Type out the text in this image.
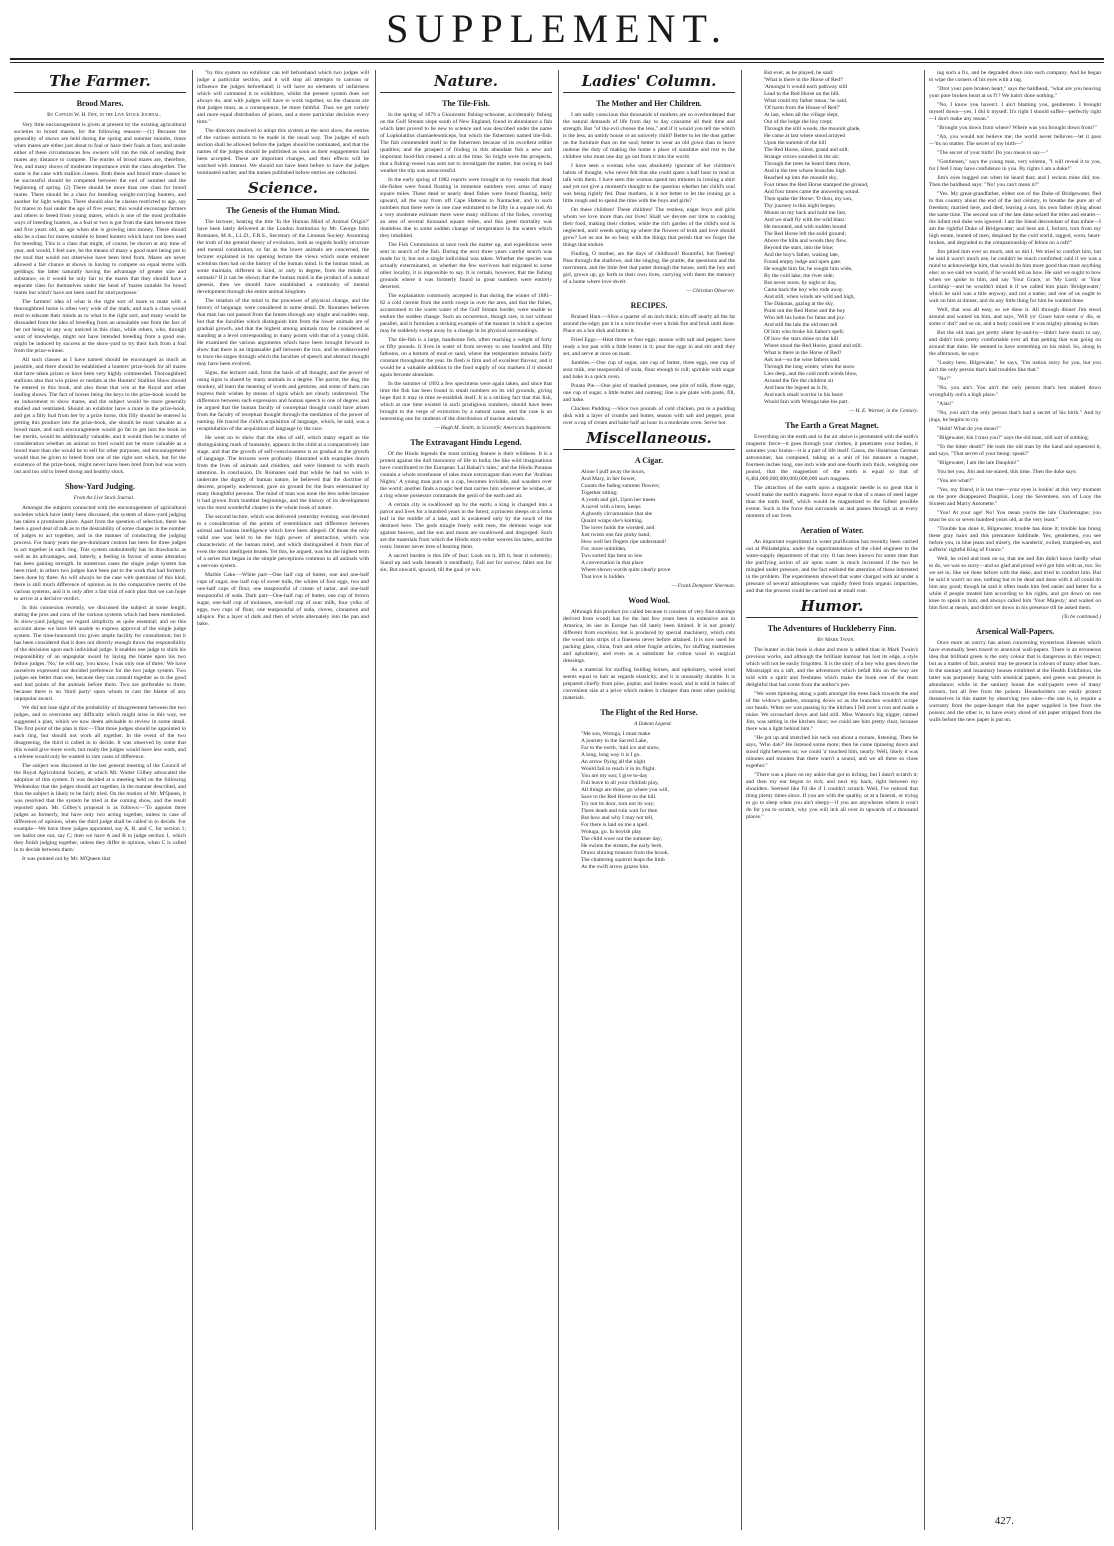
SUPPLEMENT.
The Farmer.
Brood Mares.

By Captain W. H. Fife, in the Live Stock Journal.

Very little encouragement is given at present by the existing agricultural societies to brood mares, for the following reasons:—(1) Because the generality of shows are held during the spring and summer months, times when mares are either just about to foal or have their foals at foot, and under either of these circumstances few owners will run the risk of sending their mares any distance to compete. The entries of brood mares are, therefore, few, and many shows of moderate importance omit the class altogether. The same is the case with stallion classes. Both these and brood mare classes to be successful should be competed between the end of summer and the beginning of spring. (2) There should be more than one class for brood mares. There should be a class for breeding weight-carrying hunters, and another for light weights. There should also be classes restricted to age, say for mares to foal under the age of five years; this would encourage farmers and others to breed from young mares, which is one of the most profitable ways of breeding hunters, as a foal or two is got from the dam between three and five years old, an age when she is growing into money. There should also be a class for mares suitable to breed hunters which have not been used for breeding. This is a class that might, of course, be shown at any time of year, and would, I feel sure, be the means of many a good mare being put to the stud that would not otherwise have been bred from. Mares are never allowed a fair chance at shows in having to compete on equal terms with geldings; the latter naturally having the advantage of greater size and substance, so it would be only fair to the mares that they should have a separate class for themselves under the head of 'mares suitable for brood mares but which' have not been used for stud purposes.'

The farmers' idea of what is the right sort of mare to mate with a thoroughbred horse is often very wide of the mark, and such a class would tend to educate their minds as to what is the right sort, and many would be dissuaded from the idea of breeding from an unsuitable one from the fact of her not being in any way noticed in this class, while others, who, through want of knowledge, might not have intended breeding from a good one, might be induced by success at the show-yard to try their luck from a foal from the prize-winner.

All such classes as I have named should be encouraged as much as possible, and there should be established a hunters' prize-book for all mares that have taken prizes or have been very highly commended. Thoroughbred stallions also that win prizes or medals at the Hunters' Stallion Show should be entered in this book, and also those that win at the Royal and other leading shows. The fact of horses being the keys to the prize-book would be an inducement to show mares, and the subject would be more generally studied and ventilated. Should an exhibitor have a mare in the prize-book, and get a filly foal from her by a prize horse, this filly should be entered in getting this produce into the prize-book, she should be most valuable as a brood mare, and such encouragement would go far to get into the book on her merits, would be additionally valuable, and it would then be a matter of consideration whether an animal so bred would not be more valuable as a brood mare than she would be to sell for other purposes, and encouragement would thus be given to breed from one of the right sort which, but for the existence of the prize-book, might never have been bred from but was worn out and too old to breed strong and healthy stock.

Show-Yard Judging.

From the Live Stock Journal.

Amongst the subjects connected with the encouragement of agricultural societies which have lately been discussed, the system of show-yard judging has taken a prominent place. Apart from the question of selection, there has been a good deal of talk as to the desirability of some changes in the number of judges to act together, and in the manner of conducting the judging process. For many years the pre-dominant custom has been for three judges to act together in each ring. This system undoubtedly has its drawbacks as well as its advantages, and, latterly, a feeling in favour of some alteration has been gaining strength. In numerous cases the single judge system has been tried; in others two judges have been put to the work that had formerly been done by three. As will always be the case with questions of this kind, there is still much difference of opinion as to the comparative merits of the various systems, and it is only after a fair trial of each plan that we can hope to arrive at a decisive verdict.

In this connexion recently, we discussed the subject at some length, stating the pros and cons of the various systems which had been mentioned. In show-yard judging we regard simplicity as quite essential; and on this account alone we have felt unable to express approval of the single judge system. The time-honoured trio gives ample facility for consultation; but it has been considered that it does not directly enough throw the responsibility of the decisions upon each individual judge. It enables one judge to shirk his responsibility of an unpopular award by laying the blame upon his two fellow judges. 'No,' he will say, 'you know, I was only one of three.' We have ourselves expressed our decided preference for the two judge system. Two judges are better than one, because they can consult together as to the good and bad points of the animals before them. Two are preferable to three, because there is no 'third party' upon whom to cast the blame of any unpopular award.

We did not lose sight of the probability of disagreement between the two judges, and to overcome any difficulty which might arise in this way, we suggested a plan, which we now deem advisable to review in some detail. The first point of the plan is this:—That three judges should be appointed in each ring, but should not work all together. In the event of the two disagreeing, the third is called in to decide. It was observed by some that this would give more work; but really the judges would have less work, and a referee would only be wanted in rare cases of difference.

The subject was discussed at the last general meeting of the Council of the Royal Agricultural Society, at which Mr. Walter Gilbey advocated the adoption of this system. It was decided at a meeting held on the following Wednesday that the judges should act together, in the manner described, and thus the subject is likely to be fairly tried. On the motion of Mr. M'Queen, it was resolved that the system be tried at the coming show, and the result reported upon. Mr. Gilbey's proposal is as follows:—'To appoint three judges as formerly, but have only two acting together, unless in case of difference of opinion, when the third judge shall be called in to decide. For example—We have three judges appointed, say A, B, and C, for section 1; we ballot one out, say C; then we have A and B to judge section 1, which they finish judging together, unless they differ in opinion, when C is called in to decide between them.'

It was pointed out by Mr. M'Queen that

"by this system no exhibitor can tell beforehand which two judges will judge a particular section, and it will stop all attempts to canvass or influence the judges beforehand; it will have no elements of unfairness which will commend it to exhibitors, whilst the present system does not always do, and with judges will have to work together, so the chances are that judges must, as a consequence, be more faithful. Thus we get variety and more equal distribution of prizes, and a more particular decision every time."

The directors resolved to adopt this system at the next show, the entries of the various sections to be made in the usual way. The judges of each section shall be allowed before the judges should be nominated, and that the names of the judges should be published as soon as their engagements had been accepted. These are important changes, and their effects will be watched with interest. We should not have been before to have the judges nominated earlier, and the names published before entries are collected.

Science.
The Genesis of the Human Mind.

The lecturer, bearing the title 'In the Human Mind of Animal Origin?' have been lately delivered at the London Institution by Mr. George John Romanes, M.A., LL.D., F.R.S., Secretary of the Linnean Society. Assuming the truth of the general theory of evolution, both as regards bodily structure and mental constitution, so far as the lower animals are concerned, the lecturer explained in his opening lecture the views which some eminent scientists then had on the history of the human mind. Is the human mind, as some maintain, different in kind, or only in degree, from the minds of animals? If it can be shown that the human mind is the product of a natural genesis, then we should have established a continuity of mental development through the entire animal kingdom.

The relation of the mind to the processes of physical change, and the history of language, were considered in some detail. Dr. Romanes believes that man has not passed from the brutes through any single and sudden step, but that the faculties which distinguish him from the lower animals are of gradual growth, and that the highest among animals may be considered as standing at a level corresponding in many points with that of a young child. He examined the various arguments which have been brought forward to show that there is an impassable gulf between the two, and he endeavoured to trace the stages through which the faculties of speech and abstract thought may have been evolved.

Signs, the lecturer said, form the basis of all thought, and the power of using signs is shared by many animals in a degree. The parrot, the dog, the monkey, all learn the meaning of words and gestures, and some of them can express their wishes by means of signs which are clearly understood. The difference between such expression and human speech is one of degree, and he argued that the human faculty of conceptual thought could have arisen from the faculty of receptual thought through the mediation of the power of naming. He traced the child's acquisition of language, which, he said, was a recapitulation of the acquisition of language by the race.

He went on to show that the idea of self, which many regard as the distinguishing mark of humanity, appears in the child at a comparatively late stage, and that the growth of self-consciousness is as gradual as the growth of language. The lectures were profusely illustrated with examples drawn from the lives of animals and children, and were listened to with much attention. In conclusion, Dr. Romanes said that while he had no wish to underrate the dignity of human nature, he believed that the doctrine of descent, properly understood, gave no ground for the fears entertained by many thoughtful persons. The mind of man was none the less noble because it had grown from humbler beginnings, and the history of its development was the most wonderful chapter in the whole book of nature.

The second lecture, which was delivered yesterday evening, was devoted to a consideration of the points of resemblance and difference between animal and human intelligence which have been alleged. Of those the only valid one was held to be the high power of abstraction, which was characteristic of the human mind, and which distinguished it from that of even the most intelligent brutes. Yet this, he argued, was but the highest term of a series that began in the simple perceptions common to all animals with a nervous system.

Marble Cake.—White part—One half cup of butter, one and one-half cups of sugar, one half cup of sweet milk, the whites of four eggs, two and one-half cups of flour, one teaspoonful of cream of tartar, and one-half teaspoonful of soda. Dark part—One-half cup of butter, one cup of brown sugar, one-half cup of molasses, one-half cup of sour milk, four yolks of eggs, two cups of flour, one teaspoonful of soda, cloves, cinnamon and allspice. Put a layer of dark and then of white alternately into the pan and bake.

Nature.
The Tile-Fish.

In the spring of 1879 a Gloucester fishing-schooner, accidentally fishing on the Gulf Stream slope south of New England, found in abundance a fish which later proved to be new to science and was described under the name of Lopholatilus chamaeleonticeps, but which the fishermen named tile-fish. The fish commended itself to the fishermen because of its excellent edible qualities; and the prospect of finding in this abundant fish a new and important food-fish created a stir at the time. So bright were the prospects, that a fishing-vessel was sent out to investigate the matter, but owing to bad weather the trip was unsuccessful.

In the early spring of 1882 reports were brought in by vessels that dead tile-fishes were found floating in immense numbers over areas of many square miles. These dead or nearly dead fishes were found floating, belly upward, all the way from off Cape Hatteras to Nantucket, and in such numbers that there were in one case estimated to be fifty in a square rod. At a very moderate estimate there were many millions of the fishes, covering an area of several thousand square miles, and this great mortality was doubtless due to some sudden change of temperature in the waters which they inhabited.

The Fish Commission at once took the matter up, and expeditions were sent in search of the fish. During the next three years careful search was made for it, but not a single individual was taken. Whether the species was actually exterminated, or whether the few survivors had migrated to some other locality, it is impossible to say. It is certain, however, that the fishing grounds where it was formerly found in great numbers were entirely deserted.

The explanation commonly accepted is that during the winter of 1881–82 a cold current from the north swept in over the area, and that the fishes, accustomed to the warm water of the Gulf Stream border, were unable to endure the sudden change. Such an occurrence, though rare, is not without parallel, and it furnishes a striking example of the manner in which a species may be suddenly swept away by a change in its physical surroundings.

The tile-fish is a large, handsome fish, often reaching a weight of forty or fifty pounds. It lives in water of from seventy to one hundred and fifty fathoms, on a bottom of mud or sand, where the temperature remains fairly constant throughout the year. Its flesh is firm and of excellent flavour, and it would be a valuable addition to the food supply of our markets if it should again become abundant.

In the summer of 1892 a few specimens were again taken, and since that time the fish has been found in small numbers on its old grounds, giving hope that it may in time re-establish itself. It is a striking fact that this fish, which at one time existed in such prodigious numbers, should have been brought to the verge of extinction by a natural cause, and the case is an interesting one for students of the distribution of marine animals.

— Hugh M. Smith, in Scientific American Supplement.

The Extravagant Hindu Legend.

Of the Hindu legends the most striking feature is their wildness. It is a protest against the dull monotony of life in India; the like wild imaginations have contributed to the European 'Lal Bahari's tales,' and the Hindu Puranas contain a whole storehouse of tales more extravagant than even the 'Arabian Nights.' A young man puts on a cap, becomes invisible, and wanders over the world; another finds a magic bed that carries him wherever he wishes, or a ring whose possessor commands the genii of the earth and air.

A certain city is swallowed up by the earth; a king is changed into a parrot and lives for a hundred years in the forest; a princess sleeps on a lotus leaf in the middle of a lake, and is awakened only by the touch of the destined hero. The gods mingle freely with men, the demons wage war against heaven, and the sun and moon are swallowed and disgorged. Such are the materials from which the Hindu story-teller weaves his tales, and the rustic listener never tires of hearing them.

A sacred burden is this life of fear: Look on it, lift it, bear it solemnly; Stand up and walk beneath it steadfastly, Fall not for sorrow, falter not for sin, But onward, upward, till the goal ye win.

Ladies' Column.
The Mother and Her Children.

I am sadly conscious that thousands of mothers are so overburdened that the natural demands of life from day to day consume all their time and strength. But "of the evil choose the less," and if it would you tell me which is the less, an untidy house or an unlovely child? Better to let the dust gather on the furniture than on the soul; better to wear an old gown than to leave undone the duty of making the home a place of sunshine and rest to the children who must one day go out from it into the world.

I have seen a woman who was absolutely ignorant of her children's habits of thought, who never felt that she could spare a half hour to read or talk with them. I have seen this woman spend ten minutes in ironing a shirt and yet not give a moment's thought to the question whether her child's soul was being rightly fed. Dear mothers, is it not better to let the ironing go a little rough and to spend the time with the boys and girls?

On these children! These children! The restless, eager boys and girls whom we love more than our lives! Shall we devote our time to cooking their food, making their clothes, while the rich garden of the child's soul is neglected, until weeds spring up where the flowers of truth and love should grow? Let us not be so busy with the things that perish that we forget the things that endure.

Finding, O mother, are the days of childhood! Bountiful, but fleeting! Pass through the shallows, and the singing, the prattle, the questions and the merriment, and the little feet that patter through the house, until the boy and girl, grown up, go forth to their own lives, carrying with them the memory of a home where love dwelt.

— Christian Observer.

RECIPES.

Braised Ham.—Slice a quarter of an inch thick; trim off nearly all the fat around the edge; put it in a wire broiler over a brisk fire and broil until done. Place on a hot dish and butter it.

Fried Eggs.—Heat three or four eggs; season with salt and pepper; have ready a hot pan with a little butter in it; pour the eggs in and stir until they set, and serve at once on toast.

Jumbles.—One cup of sugar, one cup of butter, three eggs, one cup of sour milk, one teaspoonful of soda, flour enough to roll; sprinkle with sugar and bake in a quick oven.

Potato Pie.—One pint of mashed potatoes, one pint of milk, three eggs, one cup of sugar, a little butter and nutmeg; line a pie plate with paste, fill, and bake.

Chicken Pudding.—Slice two pounds of cold chicken, put in a pudding dish with a layer of crumbs and butter, season with salt and pepper, pour over a cup of cream and bake half an hour in a moderate oven. Serve hot.

Miscellaneous.
A Cigar.

Alone I puff away the hours,

And Mary, in her bower,

Counts the fading summer flowers;

Together sitting;

A youth and girl, Upon her knees

A novel with a hero, keeps

A ghostly circumstance that she

Quaint wraps she's knitting.

The lover holds the worsted, and

Just twists one fair pinky band;

How well her fingers ripe understand!

For, more unbidden,

Two sorted lips bent so low

A conversation in that place

Where shown words quite clearly prove

That love is hidden.

— Frank Dempster Sherman.

Wood Wool.

Although this product (so called because it consists of very fine shavings derived from wood) has for the last few years been in extensive use in America, its use in Europe has till lately been limited. It is not greatly different from excelsior, but is produced by special machinery, which cuts the wood into strips of a fineness never before attained. It is now used for packing glass, china, fruit and other fragile articles, for stuffing mattresses and upholstery, and even as a substitute for cotton wool in surgical dressings.

As a material for stuffing bolding horses, and upholstery, wood wool seems equal to hair as regards elasticity, and it is unusually durable. It is prepared chiefly from pine, poplar, and linden wood, and is sold in bales of convenient size at a price which makes it cheaper than most other packing materials.

The Flight of the Red Horse.

A Dakota Legend.

"Me son, Wotuga, I must make

A journey to the Sacred Lake,

Far to the north, 'mid ice and snow,

A long, long way it is I go.

An arrow flying all the night

Would fail to reach it in its flight.

You are my son; I give to-day

Full leave to all your childish play,

All things are thine; go where you will,

Save to the Red Horse on the hill.

Try not its door, turn not its way;

There death and ruin wait for thee.

But how and why I may not tell,

For there is laid on me a spell.

Wotuga, go. In boyish play

The child wore out the summer day;

He swims the stream, the early herb,

Draws shining treasure from the brook,

The chattering squirrel leaps the limb

As the swift arrow grazes him.

But ever, as he played, he said:

'What is there in the Horse of Red?'

'Amongst it would each pathway still

Lead to the Red Horse on the hill.

What could my father mean,' he said,

'Of harm from the House of Red?'

At last, when all the village slept,

Out of the lodge the boy crept;

Through the still woods, the moonlit glade,

He came at last where stood arrayed

Upon the summit of the hill

The Red Horse, silent, grand and still.

Strange voices sounded in the air;

Through the trees he heard them there,

And in the tree whose branches high

Reached up into the moonlit sky,

Four times the Red Horse stamped the ground,

And four times came the answering sound.

Then spake the Horse: 'O thou, my son,

Thy journey is this night begun;

Mount on my back and hold me fast,

And we shall fly with the wild blast.'

He mounted, and with sudden bound

The Red Horse left the solid ground;

Above the hills and woods they flew,

Beyond the stars, into the blue;

And the boy's father, waking late,

Found empty lodge and open gate.

He sought him far, he sought him wide,

By the cold lake, the river side;

But never more, by night or day,

Came back the boy who rode away.

And still, when winds are wild and high,

The Dakotas, gazing at the sky,

Point out the Red Horse and the boy

Who left his home for fame and joy.

And still the tale the old men tell

Of him who broke his father's spell;

Of how the stars shine on the hill

Where stood the Red Horse, grand and still.

What is there in the Horse of Red?

Ask not—so the wise fathers said.

Through the long winter, when the snow

Lies deep, and the cold north winds blow,

Around the fire the children sit

And hear the legend as is fit,

And each small warrior in his heart

Would fain with Wotuga take his part.

— H. E. Warner, in the Century.

The Earth a Great Magnet.

Everything on the earth and in the air above is permeated with the earth's magnetic force—it goes through your clothes, it penetrates your bodies, it saturates your brains—it is a part of life itself. Gauss, the illustrious German astronomer, has computed, taking as a unit of his measure a magnet, fourteen inches long, one inch wide and one-fourth inch thick, weighing one pound, that the magnetism of the earth is equal to that of 8,464,000,000,000,000,000,000 such magnets.

The attraction of the earth upon a magnetic needle is so great that it would make the earth's magnetic force equal to that of a mass of steel larger than the earth itself, which would be magnetized to the fullest possible extent. Such is the force that surrounds us and passes through us at every moment of our lives.

Aeration of Water.

An important experiment in water purification has recently been carried out at Philadelphia, under the superintendence of the chief engineer to the water-supply department of that city. It has been known for some time that the purifying action of air upon water is much increased if the two be mingled under pressure, and the fact enlisted the attention of those interested in the problem. The experiments showed that water charged with air under a pressure of several atmospheres was rapidly freed from organic impurities, and that the process could be carried out at small cost.

Humor.
The Adventures of Huckleberry Finn.

By Mark Twain.

The hunter in this book is done and more is added than in Mark Twain's previous works, and although the brilliant humour has lost its edge, a style which will not be easily forgotten. It is the story of a boy who goes down the Mississippi on a raft, and the adventures which befall him on the way are told with a spirit and freshness which make the book one of the most delightful that has come from the author's pen.

"We went tiptoeing along a path amongst the trees back towards the end of the widow's garden, stooping down so as the branches wouldn't scrape our heads. When we was passing by the kitchen I fell over a root and made a noise. We scrouched down and laid still. Miss Watson's big nigger, named Jim, was setting in the kitchen door; we could see him pretty clear, because there was a light behind him."

"He got up and stretched his neck out about a minute, listening. Then he says, 'Who dah?' He listened some more; then he come tiptoeing down and stood right between us; we could 'a' touched him, nearly. Well, likely it was minutes and minutes that there warn't a sound, and we all there so close together."

"There was a place on my ankle that got to itching, but I dasn't scratch it; and then my ear begun to itch; and next my back, right between my shoulders. Seemed like I'd die if I couldn't scratch. Well, I've noticed that thing plenty times since. If you are with the quality, or at a funeral, or trying to go to sleep when you ain't sleepy—if you are anywheres where it won't do for you to scratch, why you will itch all over in upwards of a thousand places."

ing such a fix, and be degraded down into such company. And he began to wipe the corners of his eyes with a rag.

"Drot your pore broken heart," says the baldhead, "what are you heaving your pore broken heart at us f'r? We hain't done nothing."

"No, I know you haven't. I ain't blaming you, gentlemen. I brought myself down—yes, I did it myself. It's right I should suffer—perfectly right—I don't make any moan."

"Brought you down from where? Where was you brought down from?"

"Ah, you would not believe me; the world never believes—let it pass—'tis no matter. The secret of my birth—"

"The secret of your birth! Do you mean to say—"

"Gentlemen," says the young man, very solemn, "I will reveal it to you, for I feel I may have confidence in you. By rights I am a duke!"

Jim's eyes bugged out when he heard that; and I reckon mine did, too. Then the baldhead says: "No! you can't mean it?"

"Yes. My great-grandfather, eldest son of the Duke of Bridgewater, fled to this country about the end of the last century, to breathe the pure air of freedom; married here, and died, leaving a son, his own father dying about the same time. The second son of the late duke seized the titles and estates—the infant real duke was ignored. I am the lineal descendant of that infant—I am the rightful Duke of Bridgewater; and here am I, forlorn, torn from my high estate, hunted of men, despised by the cold world, ragged, worn, heart-broken, and degraded to the companionship of felons on a raft!"

Jim pitied him ever so much, and so did I. We tried to comfort him, but he said it warn't much use, he couldn't be much comforted; said if we was a mind to acknowledge him, that would do him more good than most anything else; so we said we would, if he would tell us how. He said we ought to bow when we spoke to him, and say 'Your Grace,' or 'My Lord,' or 'Your Lordship'—and he wouldn't mind it if we called him plain 'Bridgewater,' which he said was a title anyway, and not a name; and one of us ought to wait on him at dinner, and do any little thing for him he wanted done.

Well, that was all easy, so we done it. All through dinner Jim stood around and waited on him, and says, 'Will yo' Grace have some o' dis, or some o' dat?' and so on, and a body could see it was mighty pleasing to him.

But the old man got pretty silent by-and-by—didn't have much to say, and didn't look pretty comfortable over all that petting that was going on around that duke. He seemed to have something on his mind. So, along in the afternoon, he says:

"Looky here, Bilgewater," he says, "I'm nation sorry for you, but you ain't the only person that's had troubles like that."

"No?"

"No, you ain't. You ain't the only person that's ben snaked down wrongfully out'n a high place."

"Alas!"

"No, you ain't the only person that's had a secret of his birth." And by jings, he begins to cry.

"Hold! What do you mean?"

"Bilgewater, kin I trust you?" says the old man, still sort of sobbing.

"To the bitter death!" He took the old man by the hand and squeezed it, and says, "That secret of your being: speak!"

"Bilgewater, I am the late Dauphin!"

You bet you, Jim and me stared, this time. Then the duke says:

"You are what?"

"Yes, my friend, it is too true—your eyes is lookin' at this very moment on the pore disappeared Dauphin, Looy the Seventeen, son of Looy the Sixteen and Marry Antonette."

"You! At your age! No! You mean you're the late Charlemagne; you must be six or seven hundred years old, at the very least."

"Trouble has done it, Bilgewater, trouble has done it; trouble has brung these gray hairs and this premature balditude. Yes, gentlemen, you see before you, in blue jeans and misery, the wanderin', exiled, trampled-on, and sufferin' rightful King of France."

Well, he cried and took on so, that me and Jim didn't know hardly what to do, we was so sorry—and so glad and proud we'd got him with us, too. So we set in, like we done before with the duke, and tried to comfort him. But he said it warn't no use, nothing but to be dead and done with it all could do him any good; though he said it often made him feel easier and better for a while if people treated him according to his rights, and got down on one knee to speak to him, and always called him 'Your Majesty,' and waited on him first at meals, and didn't set down in his presence till he asked them.

(To be continued.)

Arsenical Wall-Papers.

Once more an outcry has arisen concerning mysterious illnesses which have eventually been traced to arsenical wall-papers. There is an erroneous idea that brilliant green is the only colour that is dangerous in this respect; but as a matter of fact, arsenic may be present in colours of many other hues. In the sanitary and insanitary houses exhibited at the Health Exhibition, the latter was purposely hung with arsenical papers, and green was present in abundance; while in the sanitary house the wall-papers were of many colours, but all free from the poison. Householders can easily protect themselves in this matter by observing two rules—the one is, to require a warranty from the paper-hanger that the paper supplied is free from the poison; and the other is, to have every shred of old paper stripped from the walls before the new paper is put on.

427.
